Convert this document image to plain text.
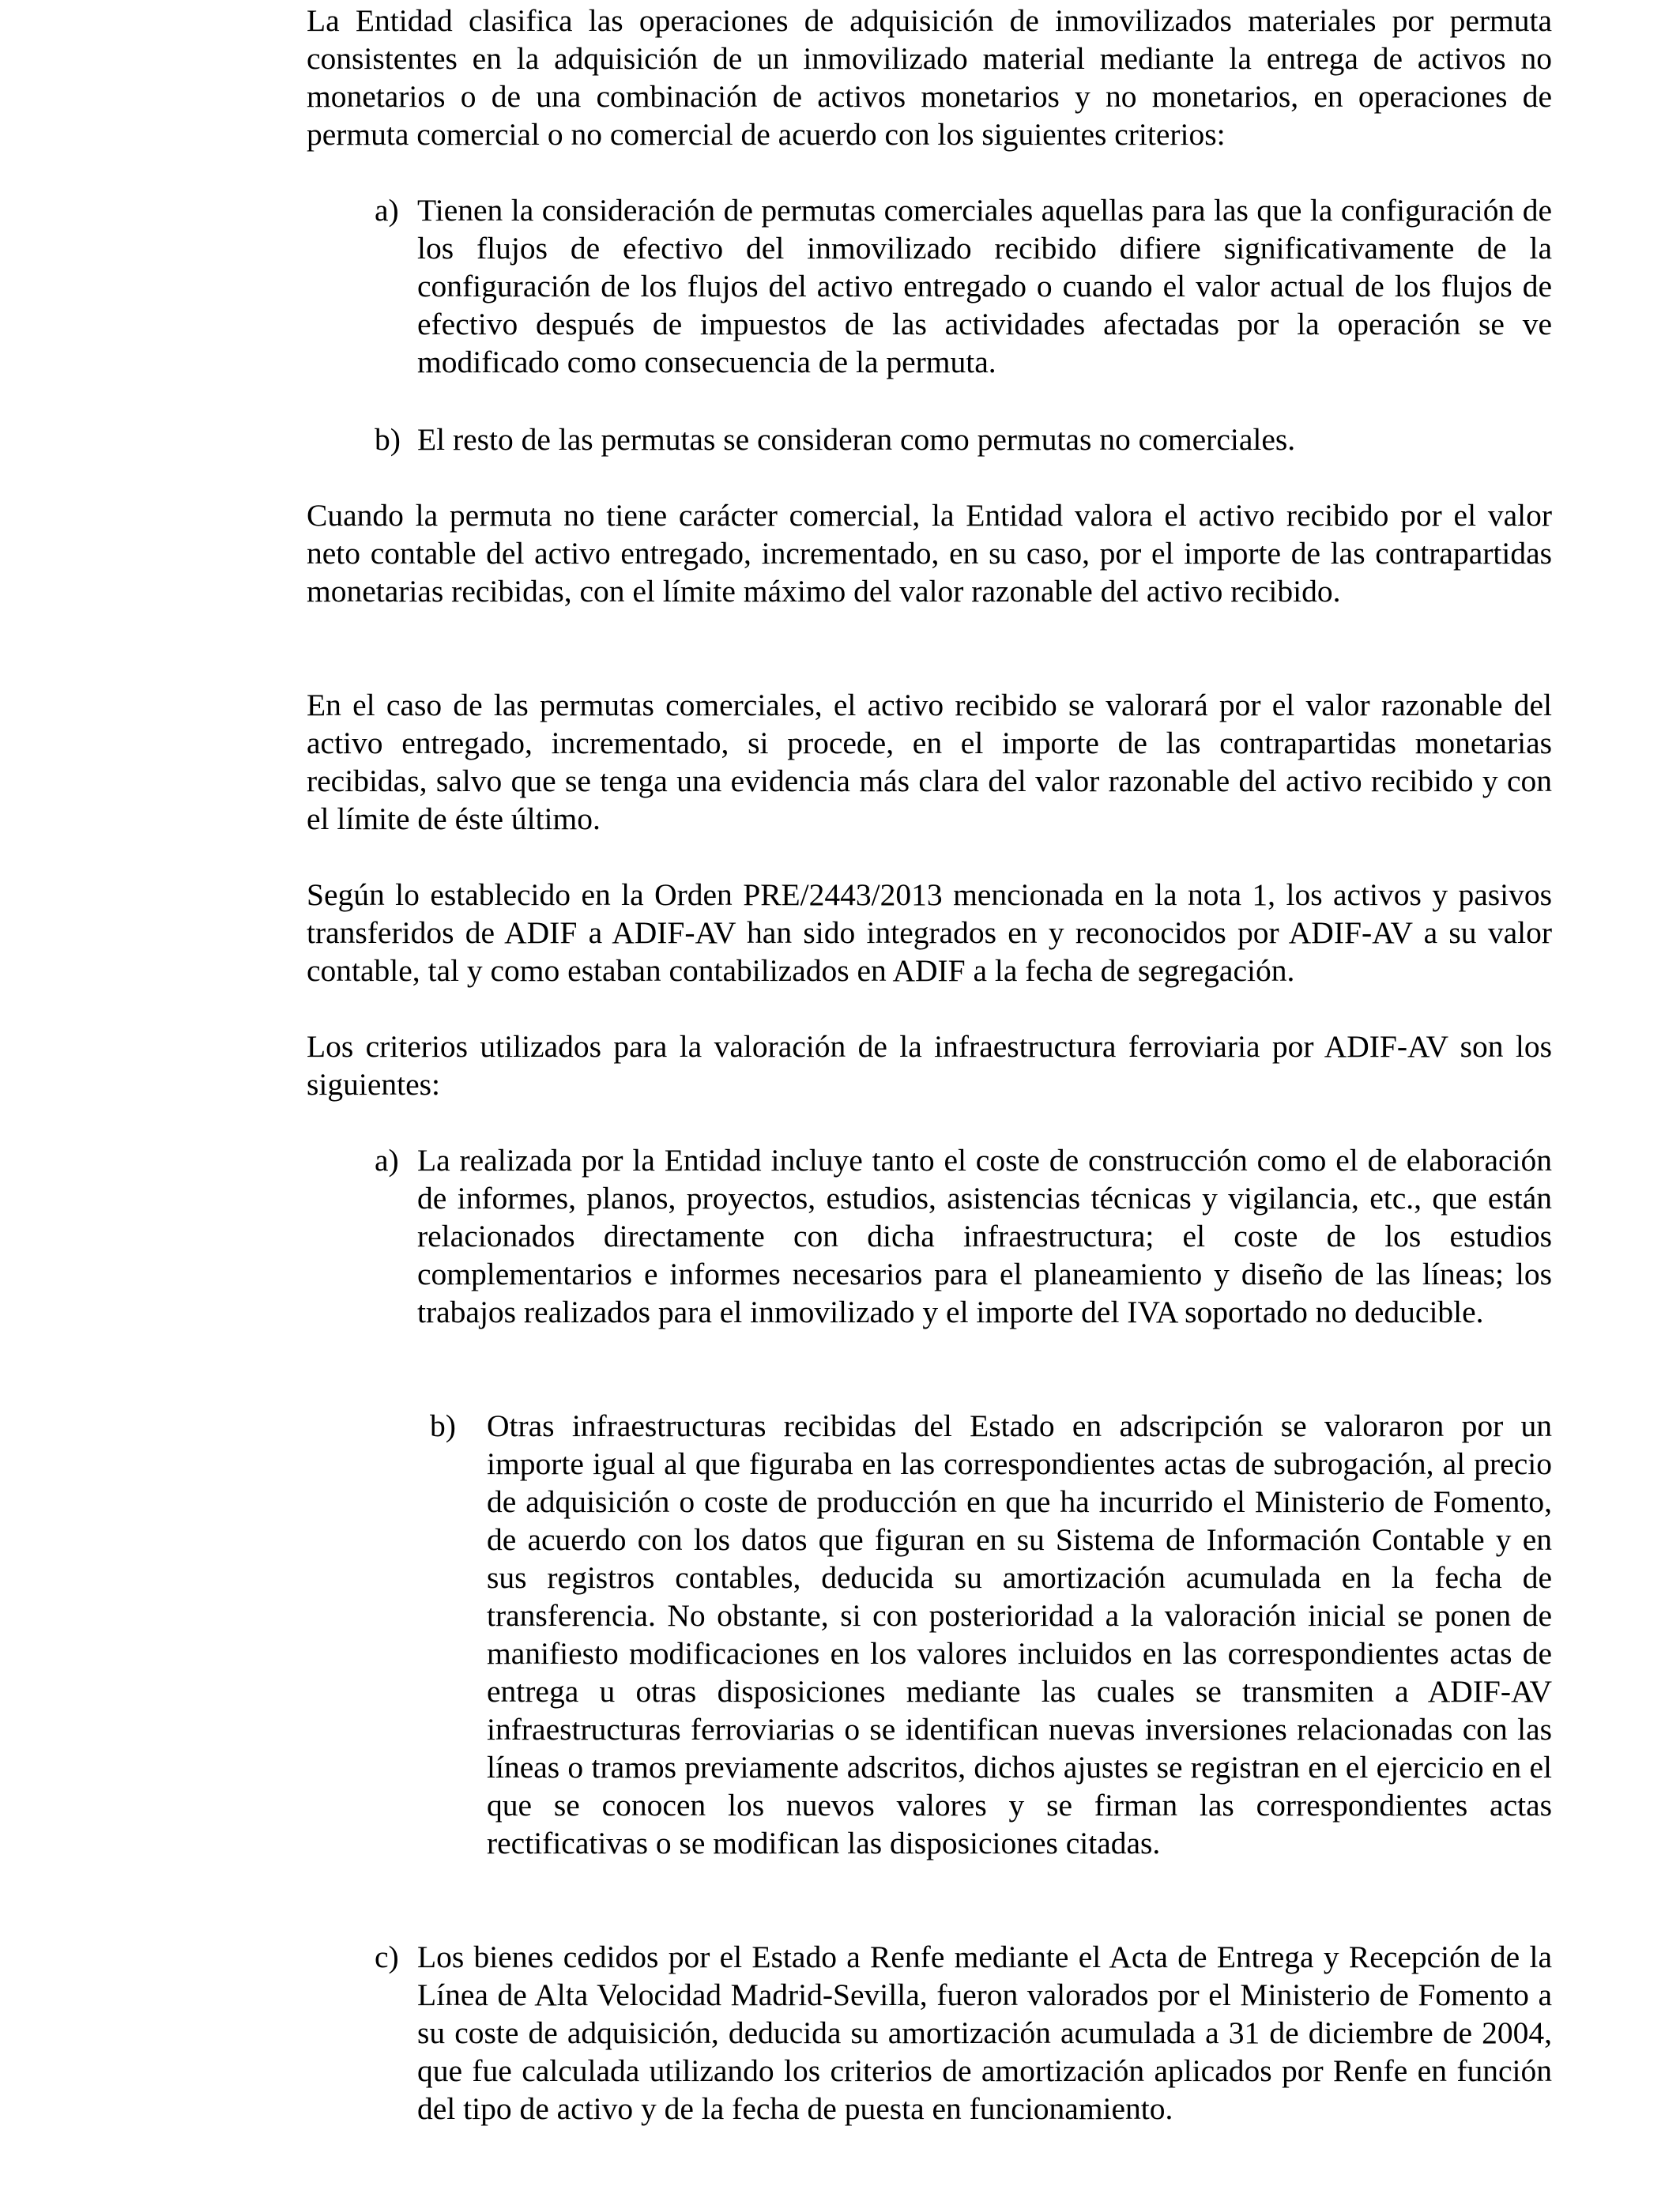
La Entidad clasifica las operaciones de adquisición de inmovilizados materiales por permuta consistentes en la adquisición de un inmovilizado material mediante la entrega de activos no monetarios o de una combinación de activos monetarios y no monetarios, en operaciones de permuta comercial o no comercial de acuerdo con los siguientes criterios:

a) Tienen la consideración de permutas comerciales aquellas para las que la configuración de los flujos de efectivo del inmovilizado recibido difiere significativamente de la configuración de los flujos del activo entregado o cuando el valor actual de los flujos de efectivo después de impuestos de las actividades afectadas por la operación se ve modificado como consecuencia de la permuta.
b) El resto de las permutas se consideran como permutas no comerciales.

Cuando la permuta no tiene carácter comercial, la Entidad valora el activo recibido por el valor neto contable del activo entregado, incrementado, en su caso, por el importe de las contrapartidas monetarias recibidas, con el límite máximo del valor razonable del activo recibido.

En el caso de las permutas comerciales, el activo recibido se valorará por el valor razonable del activo entregado, incrementado, si procede, en el importe de las contrapartidas monetarias recibidas, salvo que se tenga una evidencia más clara del valor razonable del activo recibido y con el límite de éste último.

Según lo establecido en la Orden PRE/2443/2013 mencionada en la nota 1, los activos y pasivos transferidos de ADIF a ADIF-AV han sido integrados en y reconocidos por ADIF-AV a su valor contable, tal y como estaban contabilizados en ADIF a la fecha de segregación.

Los criterios utilizados para la valoración de la infraestructura ferroviaria por ADIF-AV son los siguientes:

a) La realizada por la Entidad incluye tanto el coste de construcción como el de elaboración de informes, planos, proyectos, estudios, asistencias técnicas y vigilancia, etc., que están relacionados directamente con dicha infraestructura; el coste de los estudios complementarios e informes necesarios para el planeamiento y diseño de las líneas; los trabajos realizados para el inmovilizado y el importe del IVA soportado no deducible.
b) Otras infraestructuras recibidas del Estado en adscripción se valoraron por un importe igual al que figuraba en las correspondientes actas de subrogación, al precio de adquisición o coste de producción en que ha incurrido el Ministerio de Fomento, de acuerdo con los datos que figuran en su Sistema de Información Contable y en sus registros contables, deducida su amortización acumulada en la fecha de transferencia. No obstante, si con posterioridad a la valoración inicial se ponen de manifiesto modificaciones en los valores incluidos en las correspondientes actas de entrega u otras disposiciones mediante las cuales se transmiten a ADIF-AV infraestructuras ferroviarias o se identifican nuevas inversiones relacionadas con las líneas o tramos previamente adscritos, dichos ajustes se registran en el ejercicio en el que se conocen los nuevos valores y se firman las correspondientes actas rectificativas o se modifican las disposiciones citadas.
c) Los bienes cedidos por el Estado a Renfe mediante el Acta de Entrega y Recepción de la Línea de Alta Velocidad Madrid-Sevilla, fueron valorados por el Ministerio de Fomento a su coste de adquisición, deducida su amortización acumulada a 31 de diciembre de 2004, que fue calculada utilizando los criterios de amortización aplicados por Renfe en función del tipo de activo y de la fecha de puesta en funcionamiento.
